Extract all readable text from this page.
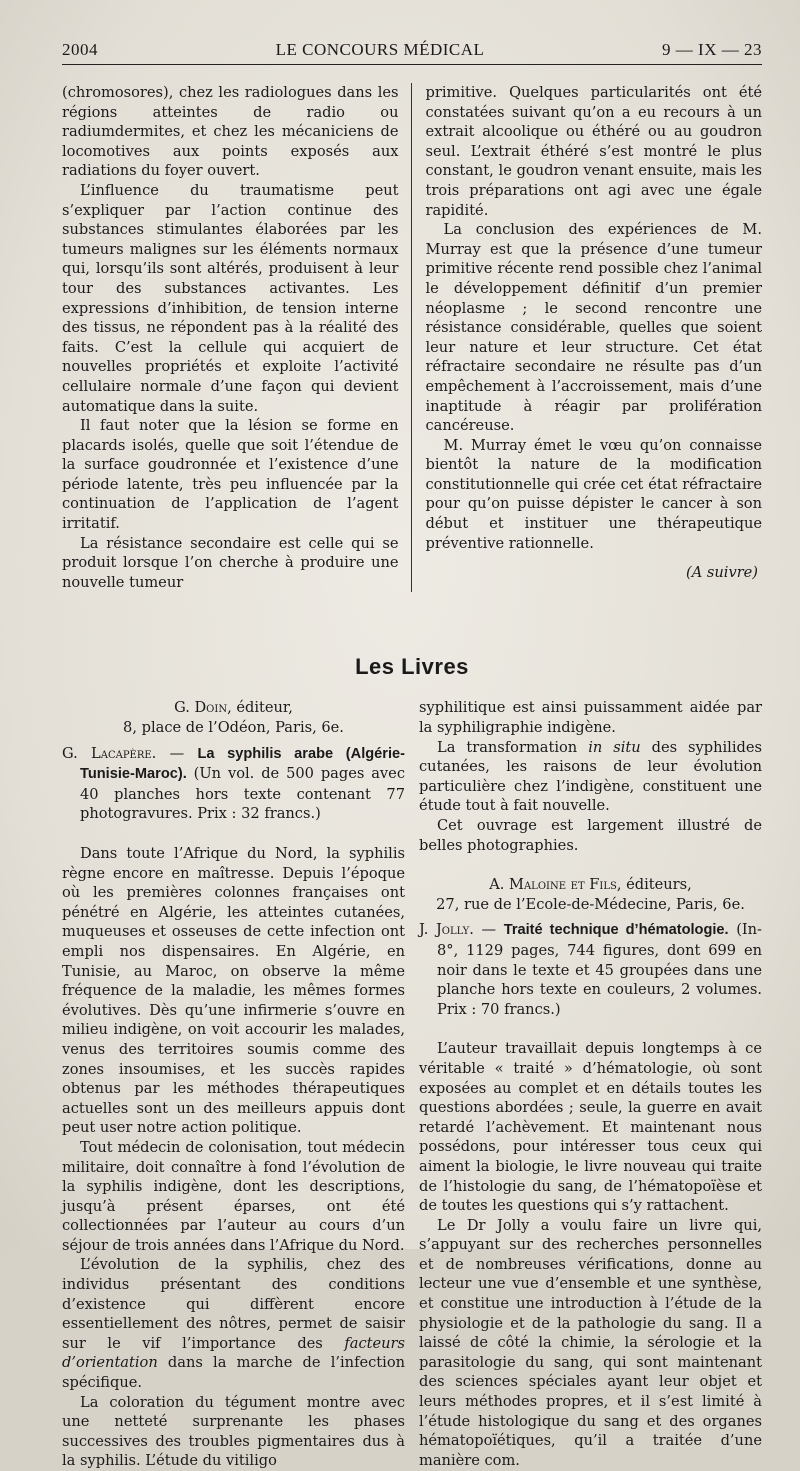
2004	LE CONCOURS MÉDICAL	9 — IX — 23

(chromosores), chez les radiologues dans les régions atteintes de radio ou radiumdermites, et chez les mécaniciens de locomotives aux points exposés aux radiations du foyer ouvert.

L’influence du traumatisme peut s’expliquer par l’action continue des substances stimulantes élaborées par les tumeurs malignes sur les éléments normaux qui, lorsqu’ils sont altérés, produisent à leur tour des substances activantes. Les expressions d’inhibition, de tension interne des tissus, ne répondent pas à la réalité des faits. C’est la cellule qui acquiert de nouvelles propriétés et exploite l’activité cellulaire normale d’une façon qui devient automatique dans la suite.

Il faut noter que la lésion se forme en placards isolés, quelle que soit l’étendue de la surface goudronnée et l’existence d’une période latente, très peu influencée par la continuation de l’application de l’agent irritatif.

La résistance secondaire est celle qui se produit lorsque l’on cherche à produire une nouvelle tumeur

primitive. Quelques particularités ont été constatées suivant qu’on a eu recours à un extrait alcoolique ou éthéré ou au goudron seul. L’extrait éthéré s’est montré le plus constant, le goudron venant ensuite, mais les trois préparations ont agi avec une égale rapidité.

La conclusion des expériences de M. Murray est que la présence d’une tumeur primitive récente rend possible chez l’animal le développement définitif d’un premier néoplasme ; le second rencontre une résistance considérable, quelles que soient leur nature et leur structure. Cet état réfractaire secondaire ne résulte pas d’un empêchement à l’accroissement, mais d’une inaptitude à réagir par prolifération cancéreuse.

M. Murray émet le vœu qu’on connaisse bientôt la nature de la modification constitutionnelle qui crée cet état réfractaire pour qu’on puisse dépister le cancer à son début et instituer une thérapeutique préventive rationnelle.

(A suivre)
Les Livres

G. Doin, éditeur,
8, place de l’Odéon, Paris, 6e.

G. Lacapère. — La syphilis arabe (Algérie-Tunisie-Maroc). (Un vol. de 500 pages avec 40 planches hors texte contenant 77 photogravures. Prix : 32 francs.)

Dans toute l’Afrique du Nord, la syphilis règne encore en maîtresse. Depuis l’époque où les premières colonnes françaises ont pénétré en Algérie, les atteintes cutanées, muqueuses et osseuses de cette infection ont empli nos dispensaires. En Algérie, en Tunisie, au Maroc, on observe la même fréquence de la maladie, les mêmes formes évolutives. Dès qu’une infirmerie s’ouvre en milieu indigène, on voit accourir les malades, venus des territoires soumis comme des zones insoumises, et les succès rapides obtenus par les méthodes thérapeutiques actuelles sont un des meilleurs appuis dont peut user notre action politique.

Tout médecin de colonisation, tout médecin militaire, doit connaître à fond l’évolution de la syphilis indigène, dont les descriptions, jusqu’à présent éparses, ont été collectionnées par l’auteur au cours d’un séjour de trois années dans l’Afrique du Nord.

L’évolution de la syphilis, chez des individus présentant des conditions d’existence qui diffèrent encore essentiellement des nôtres, permet de saisir sur le vif l’importance des facteurs d’orientation dans la marche de l’infection spécifique.

La coloration du tégument montre avec une netteté surprenante les phases successives des troubles pigmentaires dus à la syphilis. L’étude du vitiligo

syphilitique est ainsi puissamment aidée par la syphiligraphie indigène.

La transformation in situ des syphilides cutanées, les raisons de leur évolution particulière chez l’indigène, constituent une étude tout à fait nouvelle.

Cet ouvrage est largement illustré de belles photographies.

A. Maloine et Fils, éditeurs,
27, rue de l’Ecole-de-Médecine, Paris, 6e.

J. Jolly. — Traité technique d’hématologie. (In-8°, 1129 pages, 744 figures, dont 699 en noir dans le texte et 45 groupées dans une planche hors texte en couleurs, 2 volumes. Prix : 70 francs.)

L’auteur travaillait depuis longtemps à ce véritable « traité » d’hématologie, où sont exposées au complet et en détails toutes les questions abordées ; seule, la guerre en avait retardé l’achèvement. Et maintenant nous possédons, pour intéresser tous ceux qui aiment la biologie, le livre nouveau qui traite de l’histologie du sang, de l’hématopoïèse et de toutes les questions qui s’y rattachent.

Le Dr Jolly a voulu faire un livre qui, s’appuyant sur des recherches personnelles et de nombreuses vérifications, donne au lecteur une vue d’ensemble et une synthèse, et constitue une introduction à l’étude de la physiologie et de la pathologie du sang. Il a laissé de côté la chimie, la sérologie et la parasitologie du sang, qui sont maintenant des sciences spéciales ayant leur objet et leurs méthodes propres, et il s’est limité à l’étude histologique du sang et des organes hématopoïétiques, qu’il a traitée d’une manière com.
